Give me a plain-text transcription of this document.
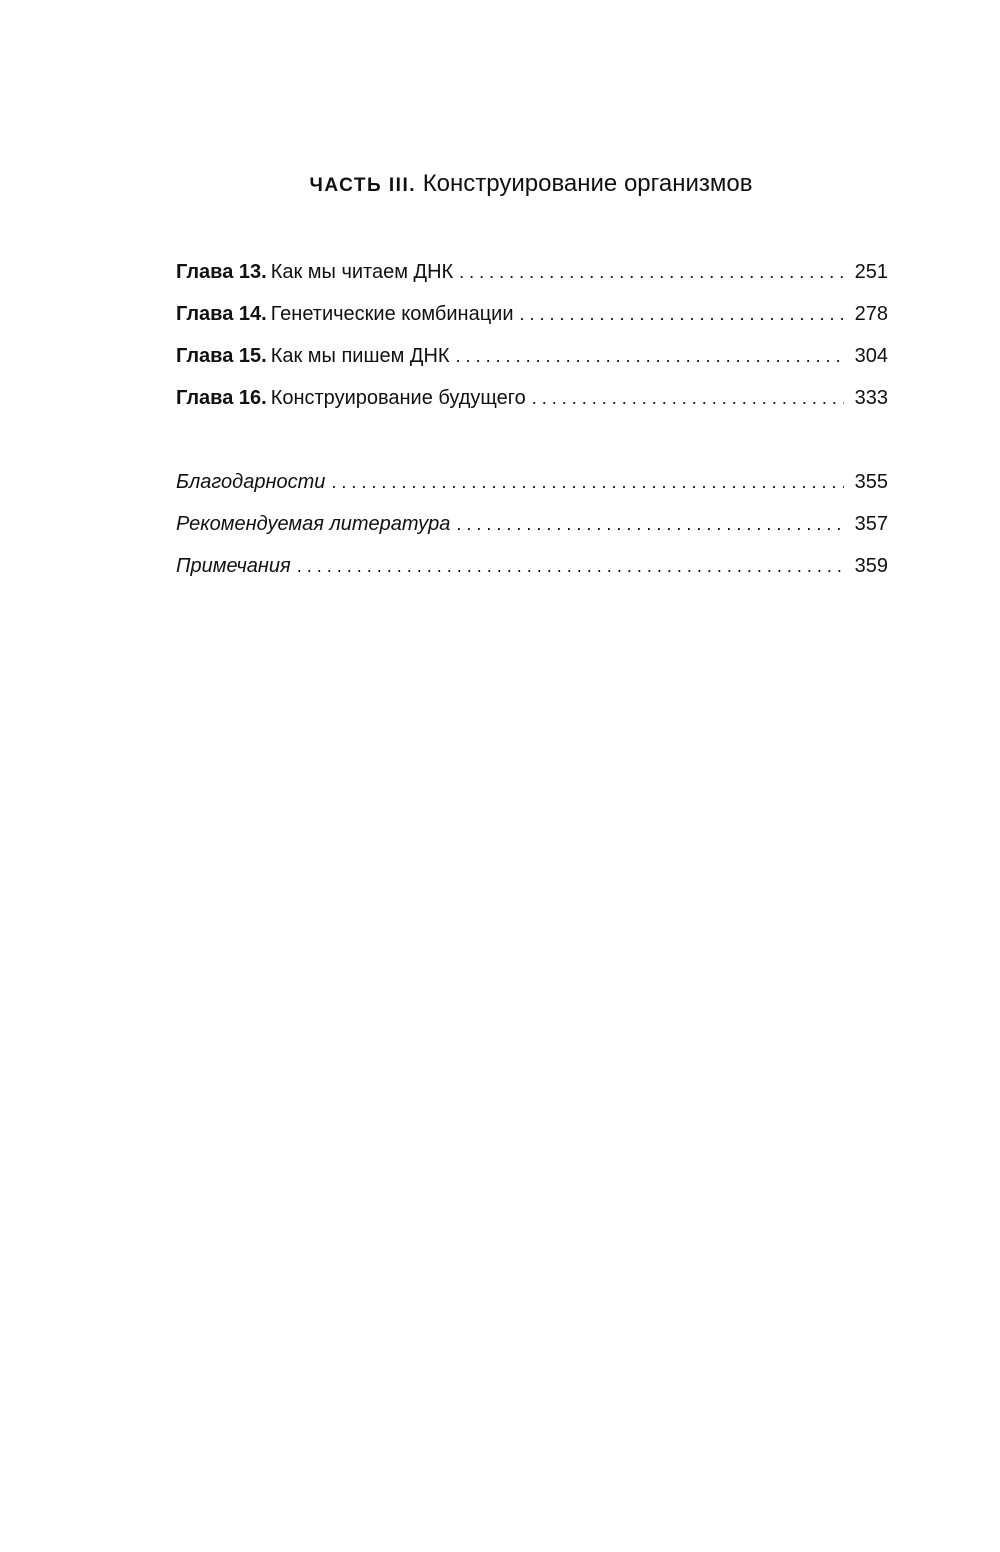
ЧАСТЬ III. Конструирование организмов
Глава 13. Как мы читаем ДНК . . .	251
Глава 14. Генетические комбинации . . .	278
Глава 15. Как мы пишем ДНК . . .	304
Глава 16. Конструирование будущего . . .	333
Благодарности . . .	355
Рекомендуемая литература . . .	357
Примечания . . .	359
